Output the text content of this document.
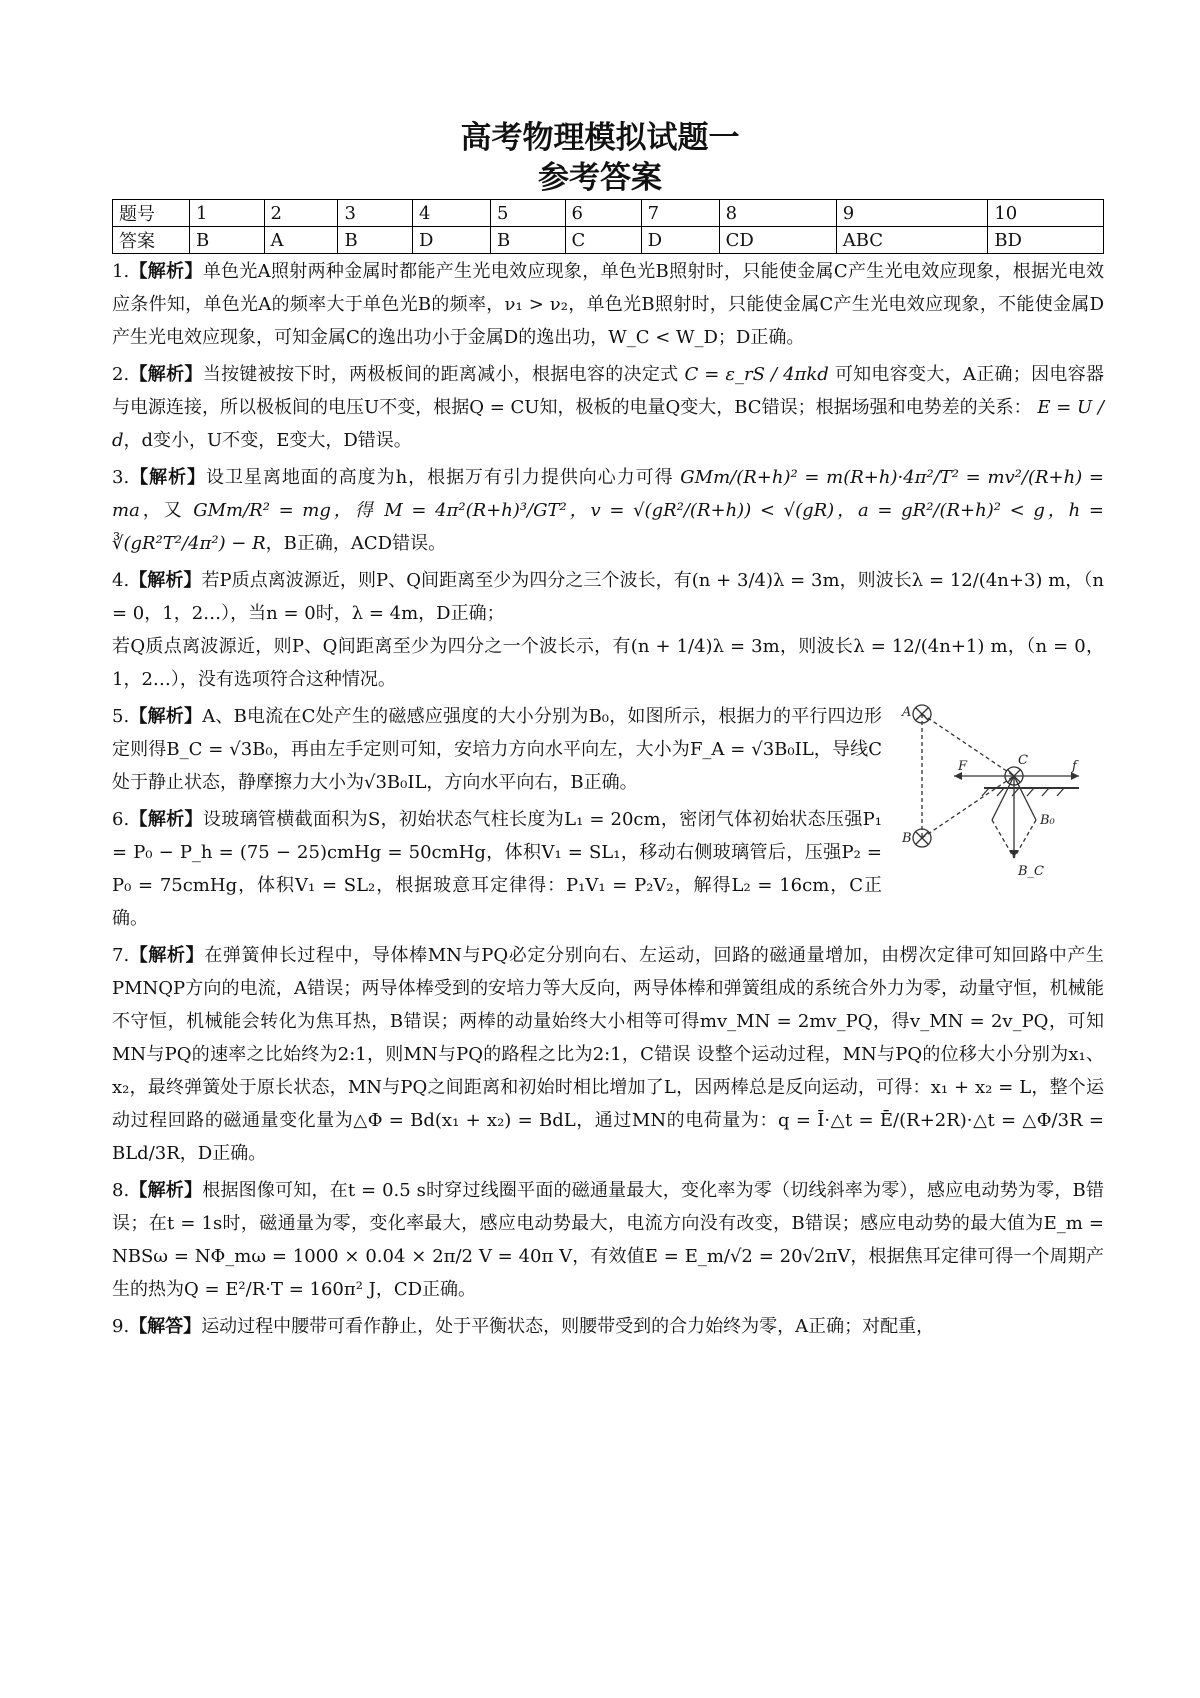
高考物理模拟试题一
参考答案
题号	1	2	3	4	5	6	7	8	9	10
答案	B	A	B	D	B	C	D	CD	ABC	BD

1.【解析】单色光A照射两种金属时都能产生光电效应现象，单色光B照射时，只能使金属C产生光电效应现象，根据光电效应条件知，单色光A的频率大于单色光B的频率，ν₁ > ν₂，单色光B照射时，只能使金属C产生光电效应现象，不能使金属D产生光电效应现象，可知金属C的逸出功小于金属D的逸出功，W_C < W_D；D正确。

2.【解析】当按键被按下时，两极板间的距离减小，根据电容的决定式 C = ε_rS / 4πkd 可知电容变大，A正确；因电容器与电源连接，所以极板间的电压U不变，根据Q = CU知，极板的电量Q变大，BC错误；根据场强和电势差的关系： E = U / d，d变小，U不变，E变大，D错误。

3.【解析】设卫星离地面的高度为h，根据万有引力提供向心力可得 GMm/(R+h)² = m(R+h)·4π²/T² = mv²/(R+h) = ma，又 GMm/R² = mg，得 M = 4π²(R+h)³/GT²，v = √(gR²/(R+h)) < √(gR)，a = gR²/(R+h)² < g，h = ∛(gR²T²/4π²) − R，B正确，ACD错误。

4.【解析】若P质点离波源近，则P、Q间距离至少为四分之三个波长，有(n + 3/4)λ = 3m，则波长λ = 12/(4n+3) m，（n = 0，1，2…），当n = 0时，λ = 4m，D正确；
若Q质点离波源近，则P、Q间距离至少为四分之一个波长示，有(n + 1/4)λ = 3m，则波长λ = 12/(4n+1) m，（n = 0，1，2…），没有选项符合这种情况。

A
B
C
F	f
B₀
B_C
5.【解析】A、B电流在C处产生的磁感应强度的大小分别为B₀，如图所示，根据力的平行四边形定则得B_C = √3B₀，再由左手定则可知，安培力方向水平向左，大小为F_A = √3B₀IL，导线C处于静止状态，静摩擦力大小为√3B₀IL，方向水平向右，B正确。

6.【解析】设玻璃管横截面积为S，初始状态气柱长度为L₁ = 20cm，密闭气体初始状态压强P₁ = P₀ − P_h = (75 − 25)cmHg = 50cmHg，体积V₁ = SL₁，移动右侧玻璃管后，压强P₂ = P₀ = 75cmHg，体积V₁ = SL₂，根据玻意耳定律得：P₁V₁ = P₂V₂，解得L₂ = 16cm，C正确。

7.【解析】在弹簧伸长过程中，导体棒MN与PQ必定分别向右、左运动，回路的磁通量增加，由楞次定律可知回路中产生PMNQP方向的电流，A错误；两导体棒受到的安培力等大反向，两导体棒和弹簧组成的系统合外力为零，动量守恒，机械能不守恒，机械能会转化为焦耳热，B错误；两棒的动量始终大小相等可得mv_MN = 2mv_PQ，得v_MN = 2v_PQ，可知MN与PQ的速率之比始终为2:1，则MN与PQ的路程之比为2:1，C错误 设整个运动过程，MN与PQ的位移大小分别为x₁、x₂，最终弹簧处于原长状态，MN与PQ之间距离和初始时相比增加了L，因两棒总是反向运动，可得：x₁ + x₂ = L，整个运动过程回路的磁通量变化量为△Φ = Bd(x₁ + x₂) = BdL，通过MN的电荷量为：q = Ī·△t = Ē/(R+2R)·△t = △Φ/3R = BLd/3R，D正确。

8.【解析】根据图像可知，在t = 0.5 s时穿过线圈平面的磁通量最大，变化率为零（切线斜率为零），感应电动势为零，B错误；在t = 1s时，磁通量为零，变化率最大，感应电动势最大，电流方向没有改变，B错误；感应电动势的最大值为E_m = NBSω = NΦ_mω = 1000 × 0.04 × 2π/2 V = 40π V，有效值E = E_m/√2 = 20√2πV，根据焦耳定律可得一个周期产生的热为Q = E²/R·T = 160π² J，CD正确。

9.【解答】运动过程中腰带可看作静止，处于平衡状态，则腰带受到的合力始终为零，A正确；对配重，
